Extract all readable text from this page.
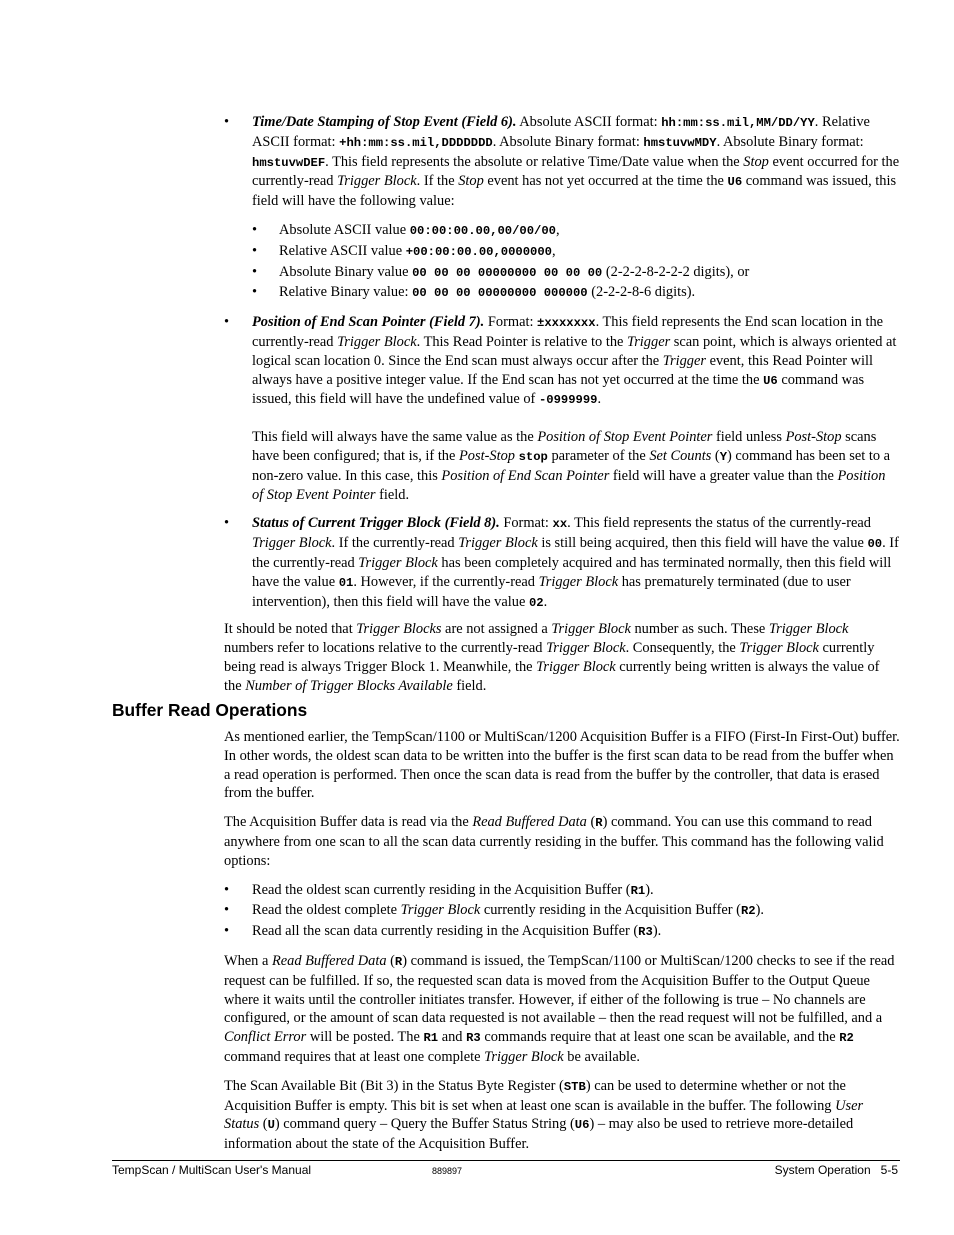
• Time/Date Stamping of Stop Event (Field 6). Absolute ASCII format: hh:mm:ss.mil,MM/DD/YY. Relative ASCII format: +hh:mm:ss.mil,DDDDDDD. Absolute Binary format: hmstuvwMDY. Absolute Binary format: hmstuvwDEF. This field represents the absolute or relative Time/Date value when the Stop event occurred for the currently-read Trigger Block. If the Stop event has not yet occurred at the time the U6 command was issued, this field will have the following value:
• Absolute ASCII value 00:00:00.00,00/00/00,
• Relative ASCII value +00:00:00.00,0000000,
• Absolute Binary value 00 00 00 00000000 00 00 00 (2-2-2-8-2-2-2 digits), or
• Relative Binary value: 00 00 00 00000000 000000 (2-2-2-8-6 digits).
• Position of End Scan Pointer (Field 7). Format: ±xxxxxxx. This field represents the End scan location in the currently-read Trigger Block. This Read Pointer is relative to the Trigger scan point, which is always oriented at logical scan location 0. Since the End scan must always occur after the Trigger event, this Read Pointer will always have a positive integer value. If the End scan has not yet occurred at the time the U6 command was issued, this field will have the undefined value of -0999999.
This field will always have the same value as the Position of Stop Event Pointer field unless Post-Stop scans have been configured; that is, if the Post-Stop stop parameter of the Set Counts (Y) command has been set to a non-zero value. In this case, this Position of End Scan Pointer field will have a greater value than the Position of Stop Event Pointer field.
• Status of Current Trigger Block (Field 8). Format: xx. This field represents the status of the currently-read Trigger Block. If the currently-read Trigger Block is still being acquired, then this field will have the value 00. If the currently-read Trigger Block has been completely acquired and has terminated normally, then this field will have the value 01. However, if the currently-read Trigger Block has prematurely terminated (due to user intervention), then this field will have the value 02.

It should be noted that Trigger Blocks are not assigned a Trigger Block number as such. These Trigger Block numbers refer to locations relative to the currently-read Trigger Block. Consequently, the Trigger Block currently being read is always Trigger Block 1. Meanwhile, the Trigger Block currently being written is always the value of the Number of Trigger Blocks Available field.

Buffer Read Operations

As mentioned earlier, the TempScan/1100 or MultiScan/1200 Acquisition Buffer is a FIFO (First-In First-Out) buffer. In other words, the oldest scan data to be written into the buffer is the first scan data to be read from the buffer when a read operation is performed. Then once the scan data is read from the buffer by the controller, that data is erased from the buffer.

The Acquisition Buffer data is read via the Read Buffered Data (R) command. You can use this command to read anywhere from one scan to all the scan data currently residing in the buffer. This command has the following valid options:

• Read the oldest scan currently residing in the Acquisition Buffer (R1).
• Read the oldest complete Trigger Block currently residing in the Acquisition Buffer (R2).
• Read all the scan data currently residing in the Acquisition Buffer (R3).

When a Read Buffered Data (R) command is issued, the TempScan/1100 or MultiScan/1200 checks to see if the read request can be fulfilled. If so, the requested scan data is moved from the Acquisition Buffer to the Output Queue where it waits until the controller initiates transfer. However, if either of the following is true – No channels are configured, or the amount of scan data requested is not available – then the read request will not be fulfilled, and a Conflict Error will be posted. The R1 and R3 commands require that at least one scan be available, and the R2 command requires that at least one complete Trigger Block be available.

The Scan Available Bit (Bit 3) in the Status Byte Register (STB) can be used to determine whether or not the Acquisition Buffer is empty. This bit is set when at least one scan is available in the buffer. The following User Status (U) command query – Query the Buffer Status String (U6) – may also be used to retrieve more-detailed information about the state of the Acquisition Buffer.

TempScan / MultiScan User's Manual	889897	System Operation   5-5
